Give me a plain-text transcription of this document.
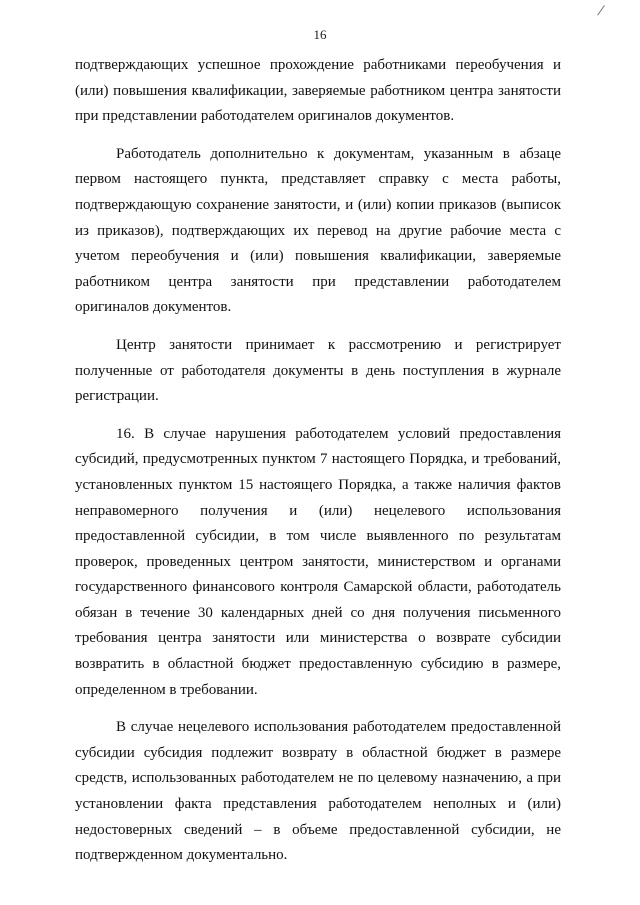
16

подтверждающих успешное прохождение работниками переобучения и (или) повышения квалификации, заверяемые работником центра занятости при представлении работодателем оригиналов документов.

Работодатель дополнительно к документам, указанным в абзаце первом настоящего пункта, представляет справку с места работы, подтверждающую сохранение занятости, и (или) копии приказов (выписок из приказов), подтверждающих их перевод на другие рабочие места с учетом переобучения и (или) повышения квалификации, заверяемые работником центра занятости при представлении работодателем оригиналов документов.

Центр занятости принимает к рассмотрению и регистрирует полученные от работодателя документы в день поступления в журнале регистрации.

16. В случае нарушения работодателем условий предоставления субсидий, предусмотренных пунктом 7 настоящего Порядка, и требований, установленных пунктом 15 настоящего Порядка, а также наличия фактов неправомерного получения и (или) нецелевого использования предоставленной субсидии, в том числе выявленного по результатам проверок, проведенных центром занятости, министерством и органами государственного финансового контроля Самарской области, работодатель обязан в течение 30 календарных дней со дня получения письменного требования центра занятости или министерства о возврате субсидии возвратить в областной бюджет предоставленную субсидию в размере, определенном в требовании.

В случае нецелевого использования работодателем предоставленной субсидии субсидия подлежит возврату в областной бюджет в размере средств, использованных работодателем не по целевому назначению, а при установлении факта представления работодателем неполных и (или) недостоверных сведений – в объеме предоставленной субсидии, не подтвержденном документально.
